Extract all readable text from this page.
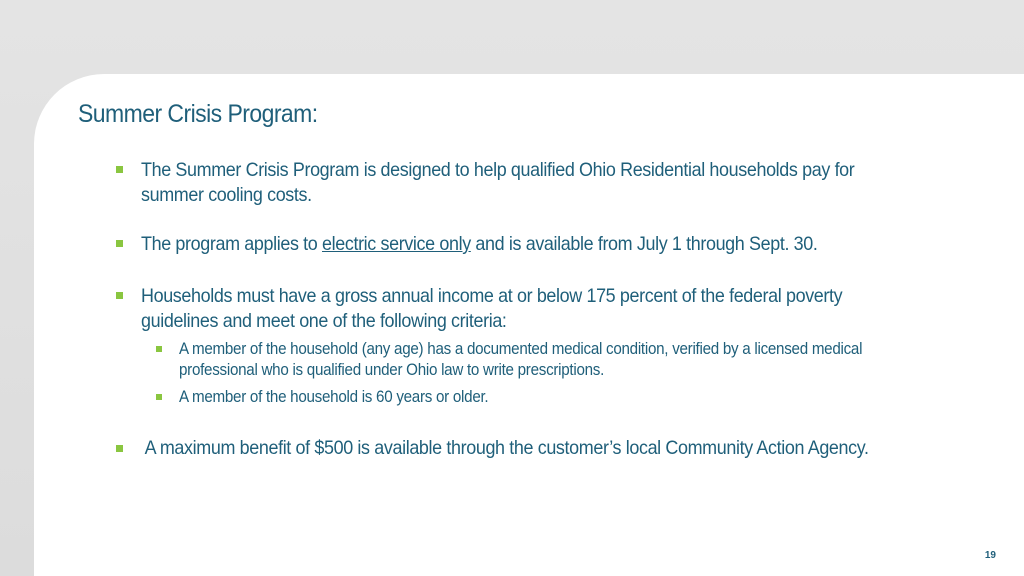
Summer Crisis Program:
The Summer Crisis Program is designed to help qualified Ohio Residential households pay for
summer cooling costs.
The program applies to electric service only and is available from July 1 through Sept. 30.
Households must have a gross annual income at or below 175 percent of the federal poverty
guidelines and meet one of the following criteria:
A member of the household (any age) has a documented medical condition, verified by a licensed medical
professional who is qualified under Ohio law to write prescriptions.
A member of the household is 60 years or older.
A maximum benefit of $500 is available through the customer’s local Community Action Agency.
19
